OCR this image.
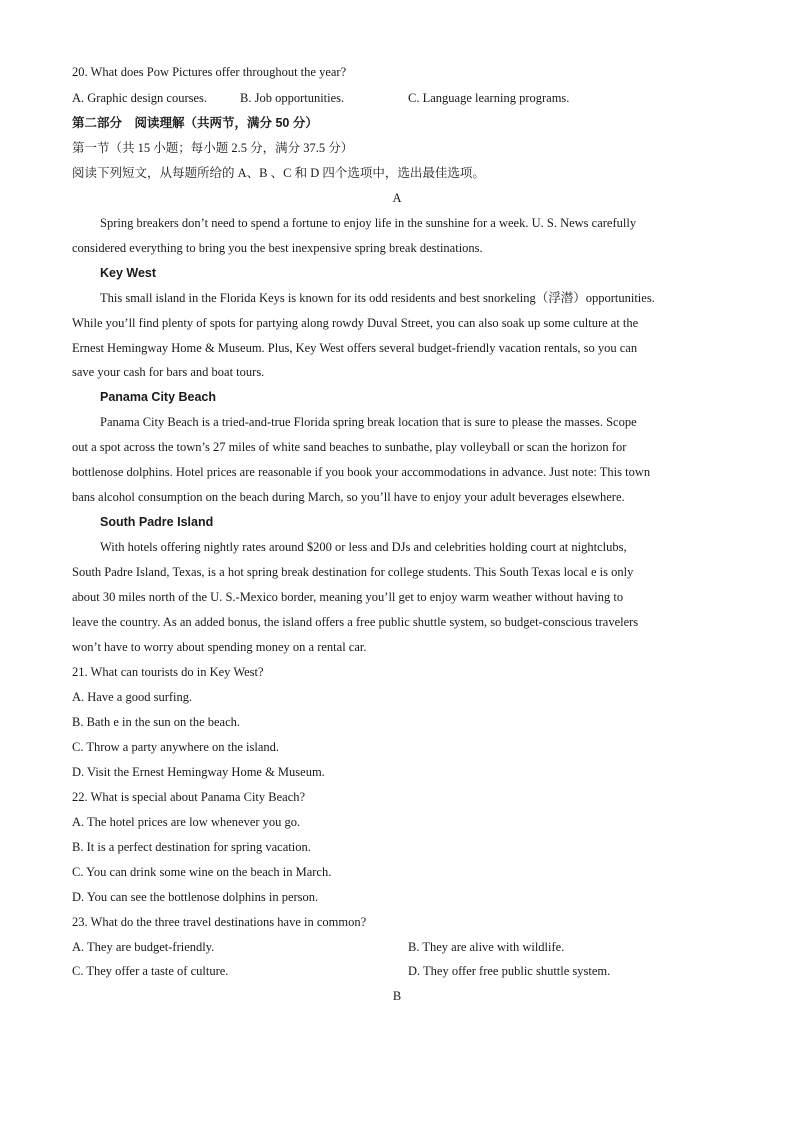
20. What does Pow Pictures offer throughout the year?
A. Graphic design courses.	B. Job opportunities.	C. Language learning programs.
第二部分　阅读理解（共两节，满分 50 分）
第一节（共 15 小题；每小题 2.5 分，满分 37.5 分）
阅读下列短文，从每题所给的 A、B 、C 和 D 四个选项中，选出最佳选项。
A
Spring breakers don’t need to spend a fortune to enjoy life in the sunshine for a week. U. S. News carefully
considered everything to bring you the best inexpensive spring break destinations.
Key West
This small island in the Florida Keys is known for its odd residents and best snorkeling（浮潜）opportunities.
While you’ll find plenty of spots for partying along rowdy Duval Street, you can also soak up some culture at the
Ernest Hemingway Home & Museum. Plus, Key West offers several budget-friendly vacation rentals, so you can
save your cash for bars and boat tours.
Panama City Beach
Panama City Beach is a tried-and-true Florida spring break location that is sure to please the masses. Scope
out a spot across the town’s 27 miles of white sand beaches to sunbathe, play volleyball or scan the horizon for
bottlenose dolphins. Hotel prices are reasonable if you book your accommodations in advance. Just note: This town
bans alcohol consumption on the beach during March, so you’ll have to enjoy your adult beverages elsewhere.
South Padre Island
With hotels offering nightly rates around $200 or less and DJs and celebrities holding court at nightclubs,
South Padre Island, Texas, is a hot spring break destination for college students. This South Texas local e is only
about 30 miles north of the U. S.-Mexico border, meaning you’ll get to enjoy warm weather without having to
leave the country. As an added bonus, the island offers a free public shuttle system, so budget-conscious travelers
won’t have to worry about spending money on a rental car.
21. What can tourists do in Key West?
A. Have a good surfing.
B. Bath e in the sun on the beach.
C. Throw a party anywhere on the island.
D. Visit the Ernest Hemingway Home & Museum.
22. What is special about Panama City Beach?
A. The hotel prices are low whenever you go.
B. It is a perfect destination for spring vacation.
C. You can drink some wine on the beach in March.
D. You can see the bottlenose dolphins in person.
23. What do the three travel destinations have in common?
A. They are budget-friendly.	B. They are alive with wildlife.
C. They offer a taste of culture.	D. They offer free public shuttle system.
B
